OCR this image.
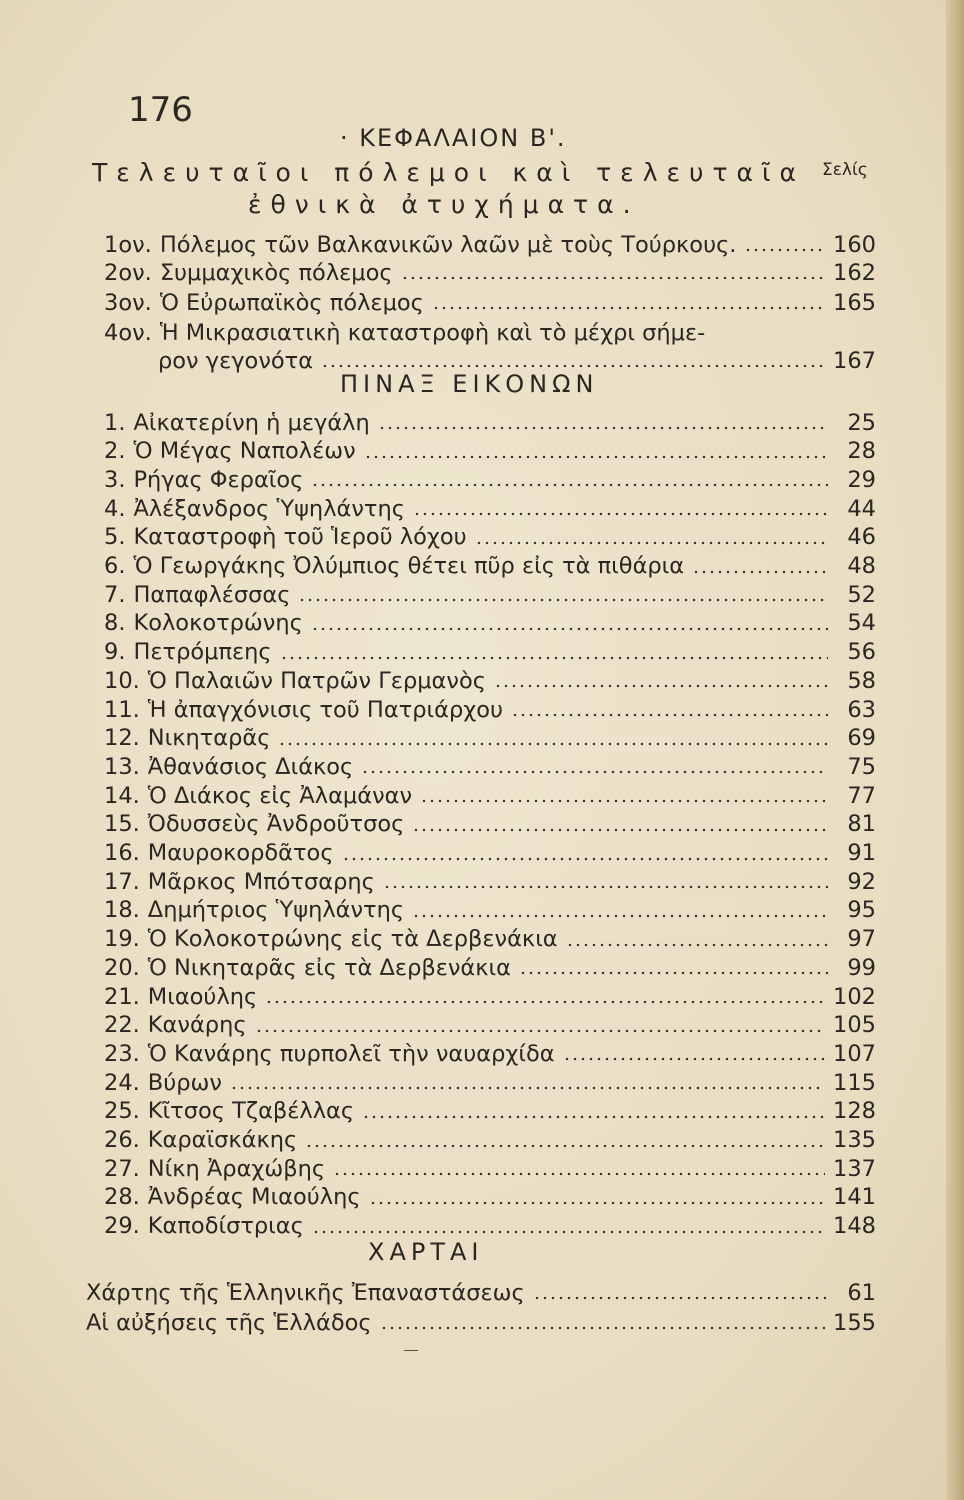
176
· ΚΕΦΑΛΑΙΟΝ Β'.
Τελευταῖοι πόλεμοι καὶ τελευταῖα
ἐθνικὰ ἀτυχήματα.
Σελίς
1ον. Πόλεμος τῶν Βαλκανικῶν λαῶν μὲ τοὺς Τούρκους.	160
2ον. Συμμαχικὸς πόλεμος	162
3ον. Ὁ Εὐρωπαϊκὸς πόλεμος	165
4ον. Ἡ Μικρασιατικὴ καταστροφὴ καὶ τὸ μέχρι σήμε-
ρον γεγονότα	167
ΠΙΝΑΞ ΕΙΚΟΝΩΝ
1. Αἰκατερίνη ἡ μεγάλη	25
2. Ὁ Μέγας Ναπολέων	28
3. Ρήγας Φεραῖος	29
4. Ἀλέξανδρος Ὑψηλάντης	44
5. Καταστροφὴ τοῦ Ἱεροῦ λόχου	46
6. Ὁ Γεωργάκης Ὀλύμπιος θέτει πῦρ εἰς τὰ πιθάρια	48
7. Παπαφλέσσας	52
8. Κολοκοτρώνης	54
9. Πετρόμπεης	56
10. Ὁ Παλαιῶν Πατρῶν Γερμανὸς	58
11. Ἡ ἀπαγχόνισις τοῦ Πατριάρχου	63
12. Νικηταρᾶς	69
13. Ἀθανάσιος Διάκος	75
14. Ὁ Διάκος εἰς Ἀλαμάναν	77
15. Ὀδυσσεὺς Ἀνδροῦτσος	81
16. Μαυροκορδᾶτος	91
17. Μᾶρκος Μπότσαρης	92
18. Δημήτριος Ὑψηλάντης	95
19. Ὁ Κολοκοτρώνης εἰς τὰ Δερβενάκια	97
20. Ὁ Νικηταρᾶς εἰς τὰ Δερβενάκια	99
21. Μιαούλης	102
22. Κανάρης	105
23. Ὁ Κανάρης πυρπολεῖ τὴν ναυαρχίδα	107
24. Βύρων	115
25. Κῖτσος Τζαβέλλας	128
26. Καραϊσκάκης	135
27. Νίκη Ἀραχώβης	137
28. Ἀνδρέας Μιαούλης	141
29. Καποδίστριας	148
ΧΑΡΤΑΙ
Χάρτης τῆς Ἑλληνικῆς Ἐπαναστάσεως	61
Αἱ αὐξήσεις τῆς Ἑλλάδος	155
